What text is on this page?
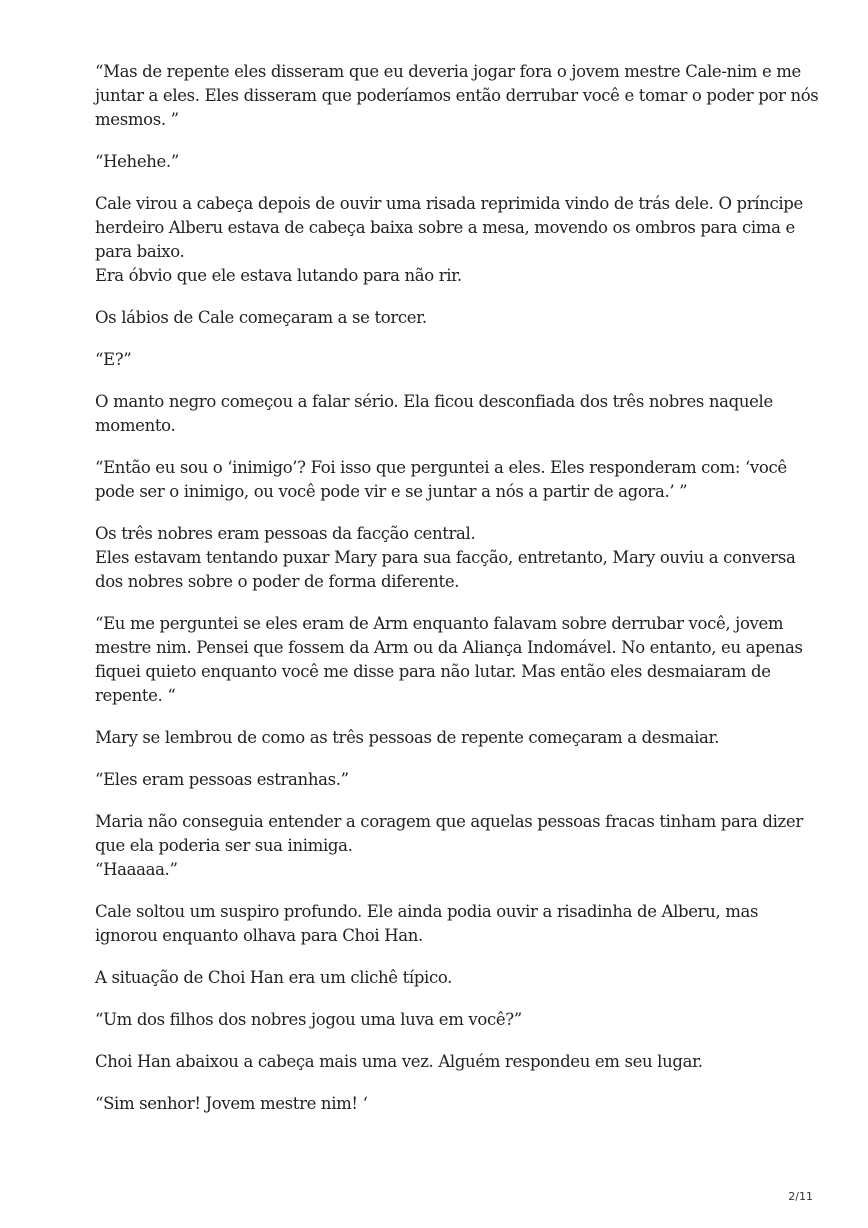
“Mas de repente eles disseram que eu deveria jogar fora o jovem mestre Cale-nim e me
juntar a eles. Eles disseram que poderíamos então derrubar você e tomar o poder por nós
mesmos. ”

“Hehehe.”

Cale virou a cabeça depois de ouvir uma risada reprimida vindo de trás dele. O príncipe
herdeiro Alberu estava de cabeça baixa sobre a mesa, movendo os ombros para cima e
para baixo.
Era óbvio que ele estava lutando para não rir.

Os lábios de Cale começaram a se torcer.

“E?”

O manto negro começou a falar sério. Ela ficou desconfiada dos três nobres naquele
momento.

“Então eu sou o ‘inimigo’? Foi isso que perguntei a eles. Eles responderam com: ‘você
pode ser o inimigo, ou você pode vir e se juntar a nós a partir de agora.’ ”

Os três nobres eram pessoas da facção central.
Eles estavam tentando puxar Mary para sua facção, entretanto, Mary ouviu a conversa
dos nobres sobre o poder de forma diferente.

“Eu me perguntei se eles eram de Arm enquanto falavam sobre derrubar você, jovem
mestre nim. Pensei que fossem da Arm ou da Aliança Indomável. No entanto, eu apenas
fiquei quieto enquanto você me disse para não lutar. Mas então eles desmaiaram de
repente. “

Mary se lembrou de como as três pessoas de repente começaram a desmaiar.

“Eles eram pessoas estranhas.”

Maria não conseguia entender a coragem que aquelas pessoas fracas tinham para dizer
que ela poderia ser sua inimiga.
“Haaaaa.”

Cale soltou um suspiro profundo. Ele ainda podia ouvir a risadinha de Alberu, mas
ignorou enquanto olhava para Choi Han.

A situação de Choi Han era um clichê típico.

“Um dos filhos dos nobres jogou uma luva em você?”

Choi Han abaixou a cabeça mais uma vez. Alguém respondeu em seu lugar.

“Sim senhor! Jovem mestre nim! ‘

2/11
